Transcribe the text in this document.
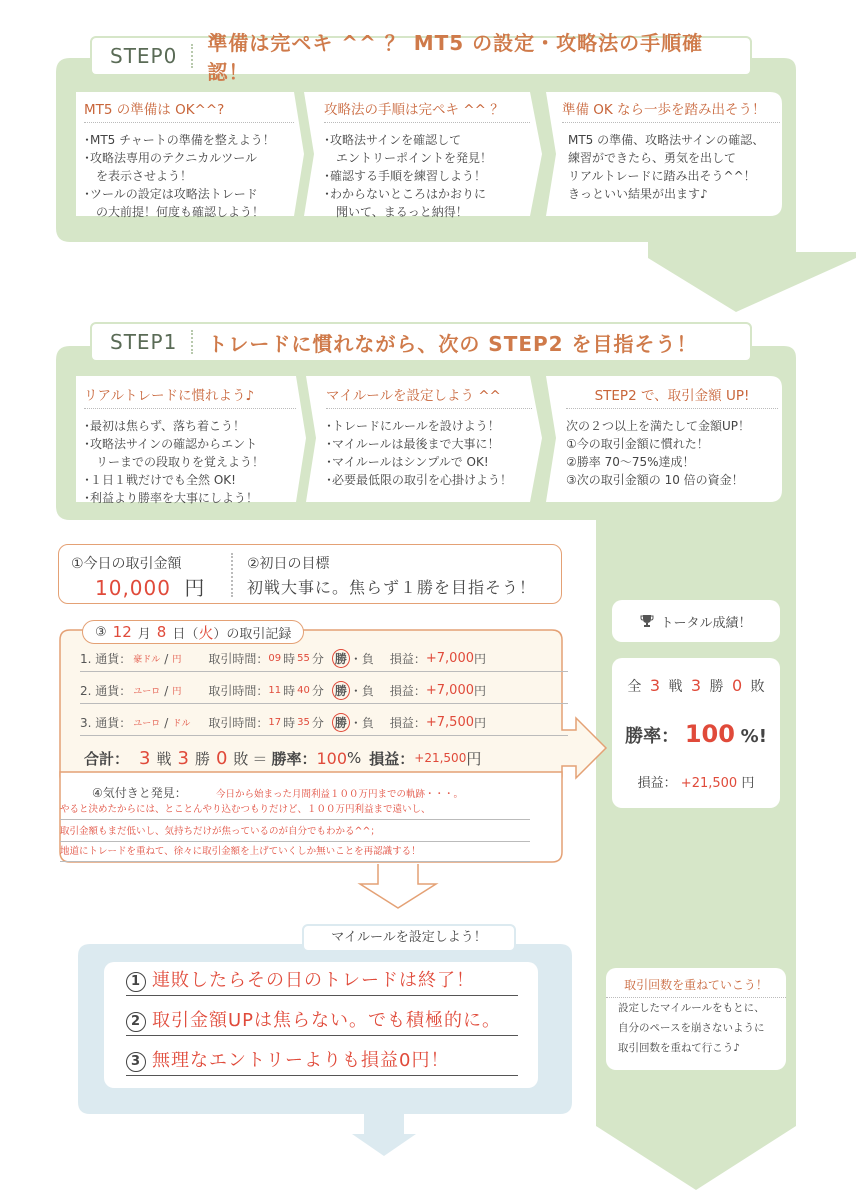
STEP0
準備は完ペキ ^^ ？ MT5 の設定・攻略法の手順確認！
MT5 の準備は OK^^?
･MT5 チャートの準備を整えよう！
･攻略法専用のテクニカルツール
　を表示させよう！
･ツールの設定は攻略法トレード
　の大前提！何度も確認しよう！
攻略法の手順は完ペキ ^^ ？
･攻略法サインを確認して
　エントリーポイントを発見！
･確認する手順を練習しよう！
･わからないところはかおりに
　聞いて、まるっと納得！
準備 OK なら一歩を踏み出そう！
MT5 の準備、攻略法サインの確認、
練習ができたら、勇気を出して
リアルトレードに踏み出そう^^！
きっといい結果が出ます♪
STEP1	トレードに慣れながら、次の STEP2 を目指そう！
リアルトレードに慣れよう♪
･最初は焦らず、落ち着こう！
･攻略法サインの確認からエント
　リーまでの段取りを覚えよう！
･１日１戦だけでも全然 OK!
･利益より勝率を大事にしよう！
マイルールを設定しよう ^^
･トレードにルールを設けよう！
･マイルールは最後まで大事に！
･マイルールはシンプルで OK!
･必要最低限の取引を心掛けよう！
STEP2 で、取引金額 UP!
次の２つ以上を満たして金額UP！
①今の取引金額に慣れた！
②勝率 70～75%達成！
③次の取引金額の 10 倍の資金！
①今日の取引金額
10,000 円
②初日の目標
初戦大事に。焦らず１勝を目指そう！
③ 12 月 8 日（ 火 ）の取引記録
1. 通貨： 豪ドル / 円	取引時間： 09 時 55 分 勝 ・負 損益： +7,000 円
2. 通貨： ユーロ / 円	取引時間： 11 時 40 分 勝 ・負 損益： +7,000 円
3. 通貨： ユーロ / ドル	取引時間： 17 時 35 分 勝 ・負 損益： +7,500 円
合計： 3 戦 3 勝 0 敗 ＝ 勝率： 100 % 損益： +21,500 円
④気付きと発見：	今日から始まった月間利益１００万円までの軌跡・・・。
やると決めたからには、とことんやり込むつもりだけど、１００万円利益まで遠いし、
取引金額もまだ低いし、気持ちだけが焦っているのが自分でもわかる^^；
地道にトレードを重ねて、徐々に取引金額を上げていくしか無いことを再認識する！
マイルールを設定しよう！
1 連敗したらその日のトレードは終了！
2 取引金額UPは焦らない。でも積極的に。
3 無理なエントリーよりも損益0円！
トータル成績！
全 3 戦 3 勝 0 敗
勝率： 100 %!
損益： +21,500 円
取引回数を重ねていこう！
設定したマイルールをもとに、
自分のペースを崩さないように
取引回数を重ねて行こう♪
